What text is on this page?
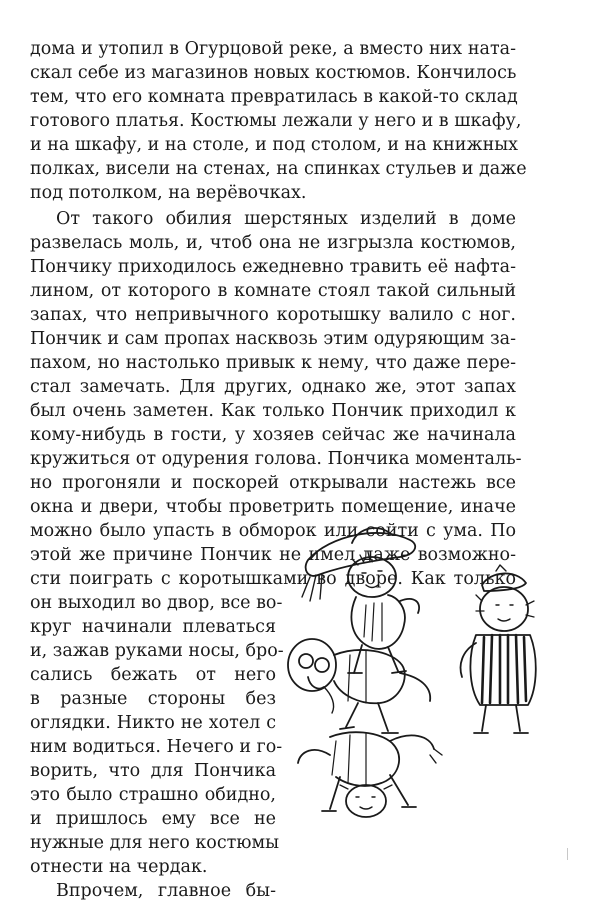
дома и утопил в Огурцовой реке, а вместо них ната-
скал себе из магазинов новых костюмов. Кончилось
тем, что его комната превратилась в какой-то склад
готового платья. Костюмы лежали у него и в шкафу,
и на шкафу, и на столе, и под столом, и на книжных
полках, висели на стенах, на спинках стульев и даже
под потолком, на верёвочках.
От такого обилия шерстяных изделий в доме
развелась моль, и, чтоб она не изгрызла костюмов,
Пончику приходилось ежедневно травить её нафта-
лином, от которого в комнате стоял такой сильный
запах, что непривычного коротышку валило с ног.
Пончик и сам пропах насквозь этим одуряющим за-
пахом, но настолько привык к нему, что даже пере-
стал замечать. Для других, однако же, этот запах
был очень заметен. Как только Пончик приходил к
кому-нибудь в гости, у хозяев сейчас же начинала
кружиться от одурения голова. Пончика моменталь-
но прогоняли и поскорей открывали настежь все
окна и двери, чтобы проветрить помещение, иначе
можно было упасть в обморок или сойти с ума. По
этой же причине Пончик не имел даже возможно-
сти поиграть с коротышками во дворе. Как только
он выходил во двор, все во-
круг начинали плеваться
и, зажав руками носы, бро-
сались бежать от него
в разные стороны без
оглядки. Никто не хотел с
ним водиться. Нечего и го-
ворить, что для Пончика
это было страшно обидно,
и пришлось ему все не
нужные для него костюмы
отнести на чердак.
Впрочем, главное бы-
